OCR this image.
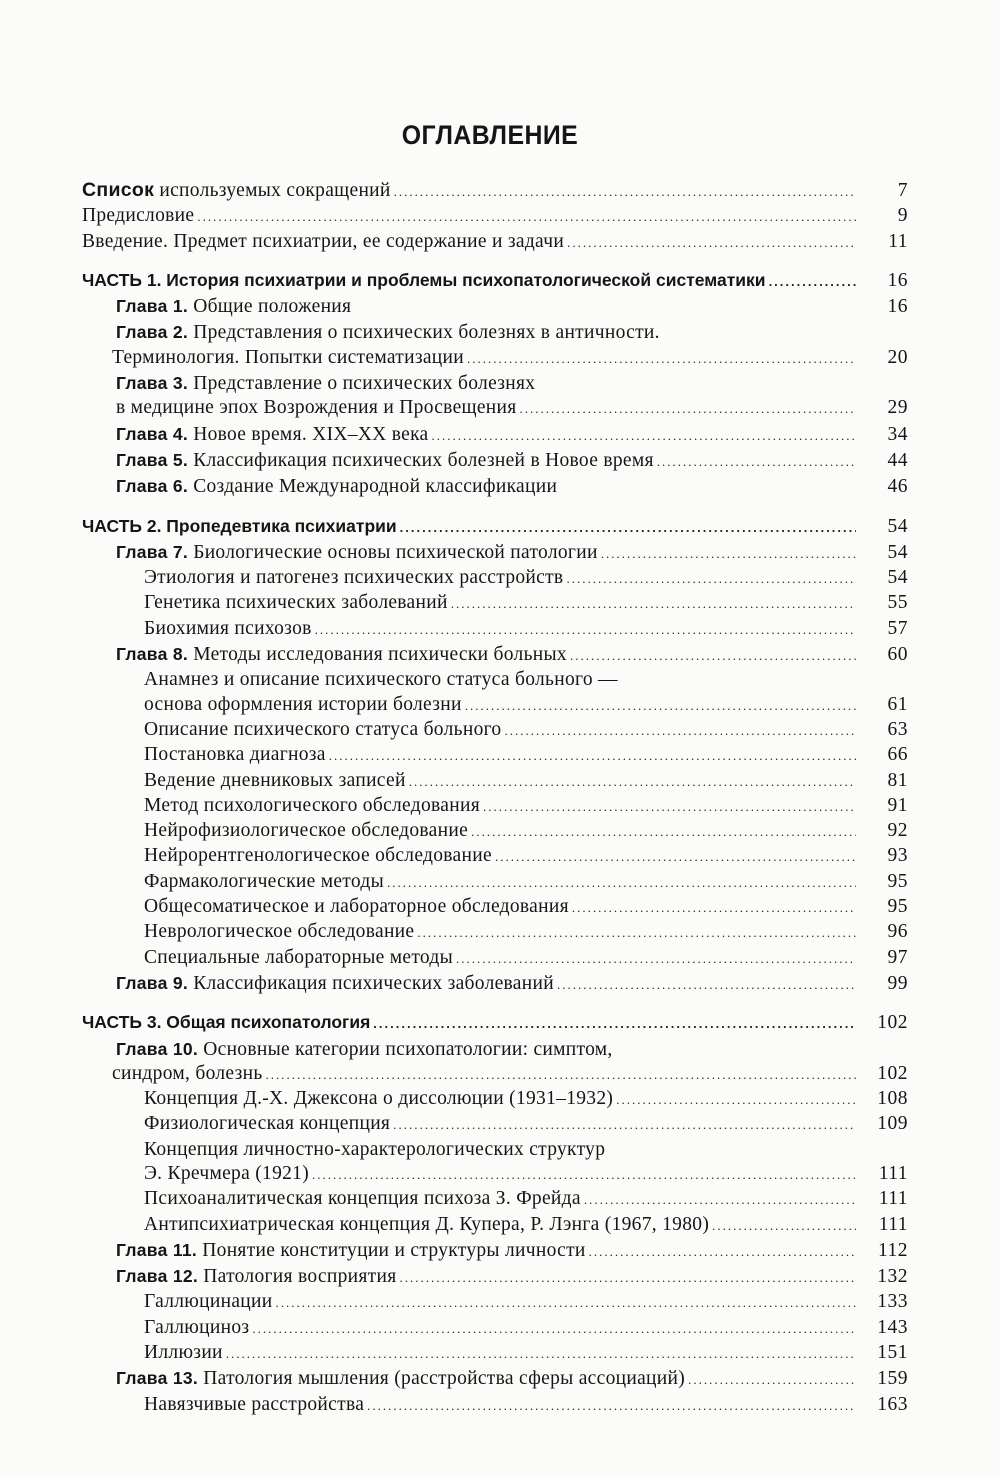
ОГЛАВЛЕНИЕ
Список используемых сокращений .....	7
Предисловие .....	9
Введение. Предмет психиатрии, ее содержание и задачи .....	11
ЧАСТЬ 1. История психиатрии и проблемы психопатологической систематики .....	16
Глава 1. Общие положения	16
Глава 2. Представления о психических болезнях в античности.
Терминология. Попытки систематизации .....	20
Глава 3. Представление о психических болезнях
в медицине эпох Возрождения и Просвещения .....	29
Глава 4. Новое время. XIX–XX века .....	34
Глава 5. Классификация психических болезней в Новое время .....	44
Глава 6. Создание Международной классификации	46
ЧАСТЬ 2. Пропедевтика психиатрии .....	54
Глава 7. Биологические основы психической патологии .....	54
Этиология и патогенез психических расстройств .....	54
Генетика психических заболеваний .....	55
Биохимия психозов .....	57
Глава 8. Методы исследования психически больных .....	60
Анамнез и описание психического статуса больного —
основа оформления истории болезни .....	61
Описание психического статуса больного .....	63
Постановка диагноза .....	66
Ведение дневниковых записей .....	81
Метод психологического обследования .....	91
Нейрофизиологическое обследование .....	92
Нейрорентгенологическое обследование .....	93
Фармакологические методы .....	95
Общесоматическое и лабораторное обследования .....	95
Неврологическое обследование .....	96
Специальные лабораторные методы .....	97
Глава 9. Классификация психических заболеваний .....	99
ЧАСТЬ 3. Общая психопатология .....	102
Глава 10. Основные категории психопатологии: симптом,
синдром, болезнь .....	102
Концепция Д.-Х. Джексона о диссолюции (1931–1932) .....	108
Физиологическая концепция .....	109
Концепция личностно-характерологических структур
Э. Кречмера (1921) .....	111
Психоаналитическая концепция психоза З. Фрейда .....	111
Антипсихиатрическая концепция Д. Купера, Р. Лэнга (1967, 1980) .....	111
Глава 11. Понятие конституции и структуры личности .....	112
Глава 12. Патология восприятия .....	132
Галлюцинации .....	133
Галлюциноз .....	143
Иллюзии .....	151
Глава 13. Патология мышления (расстройства сферы ассоциаций) .....	159
Навязчивые расстройства .....	163
